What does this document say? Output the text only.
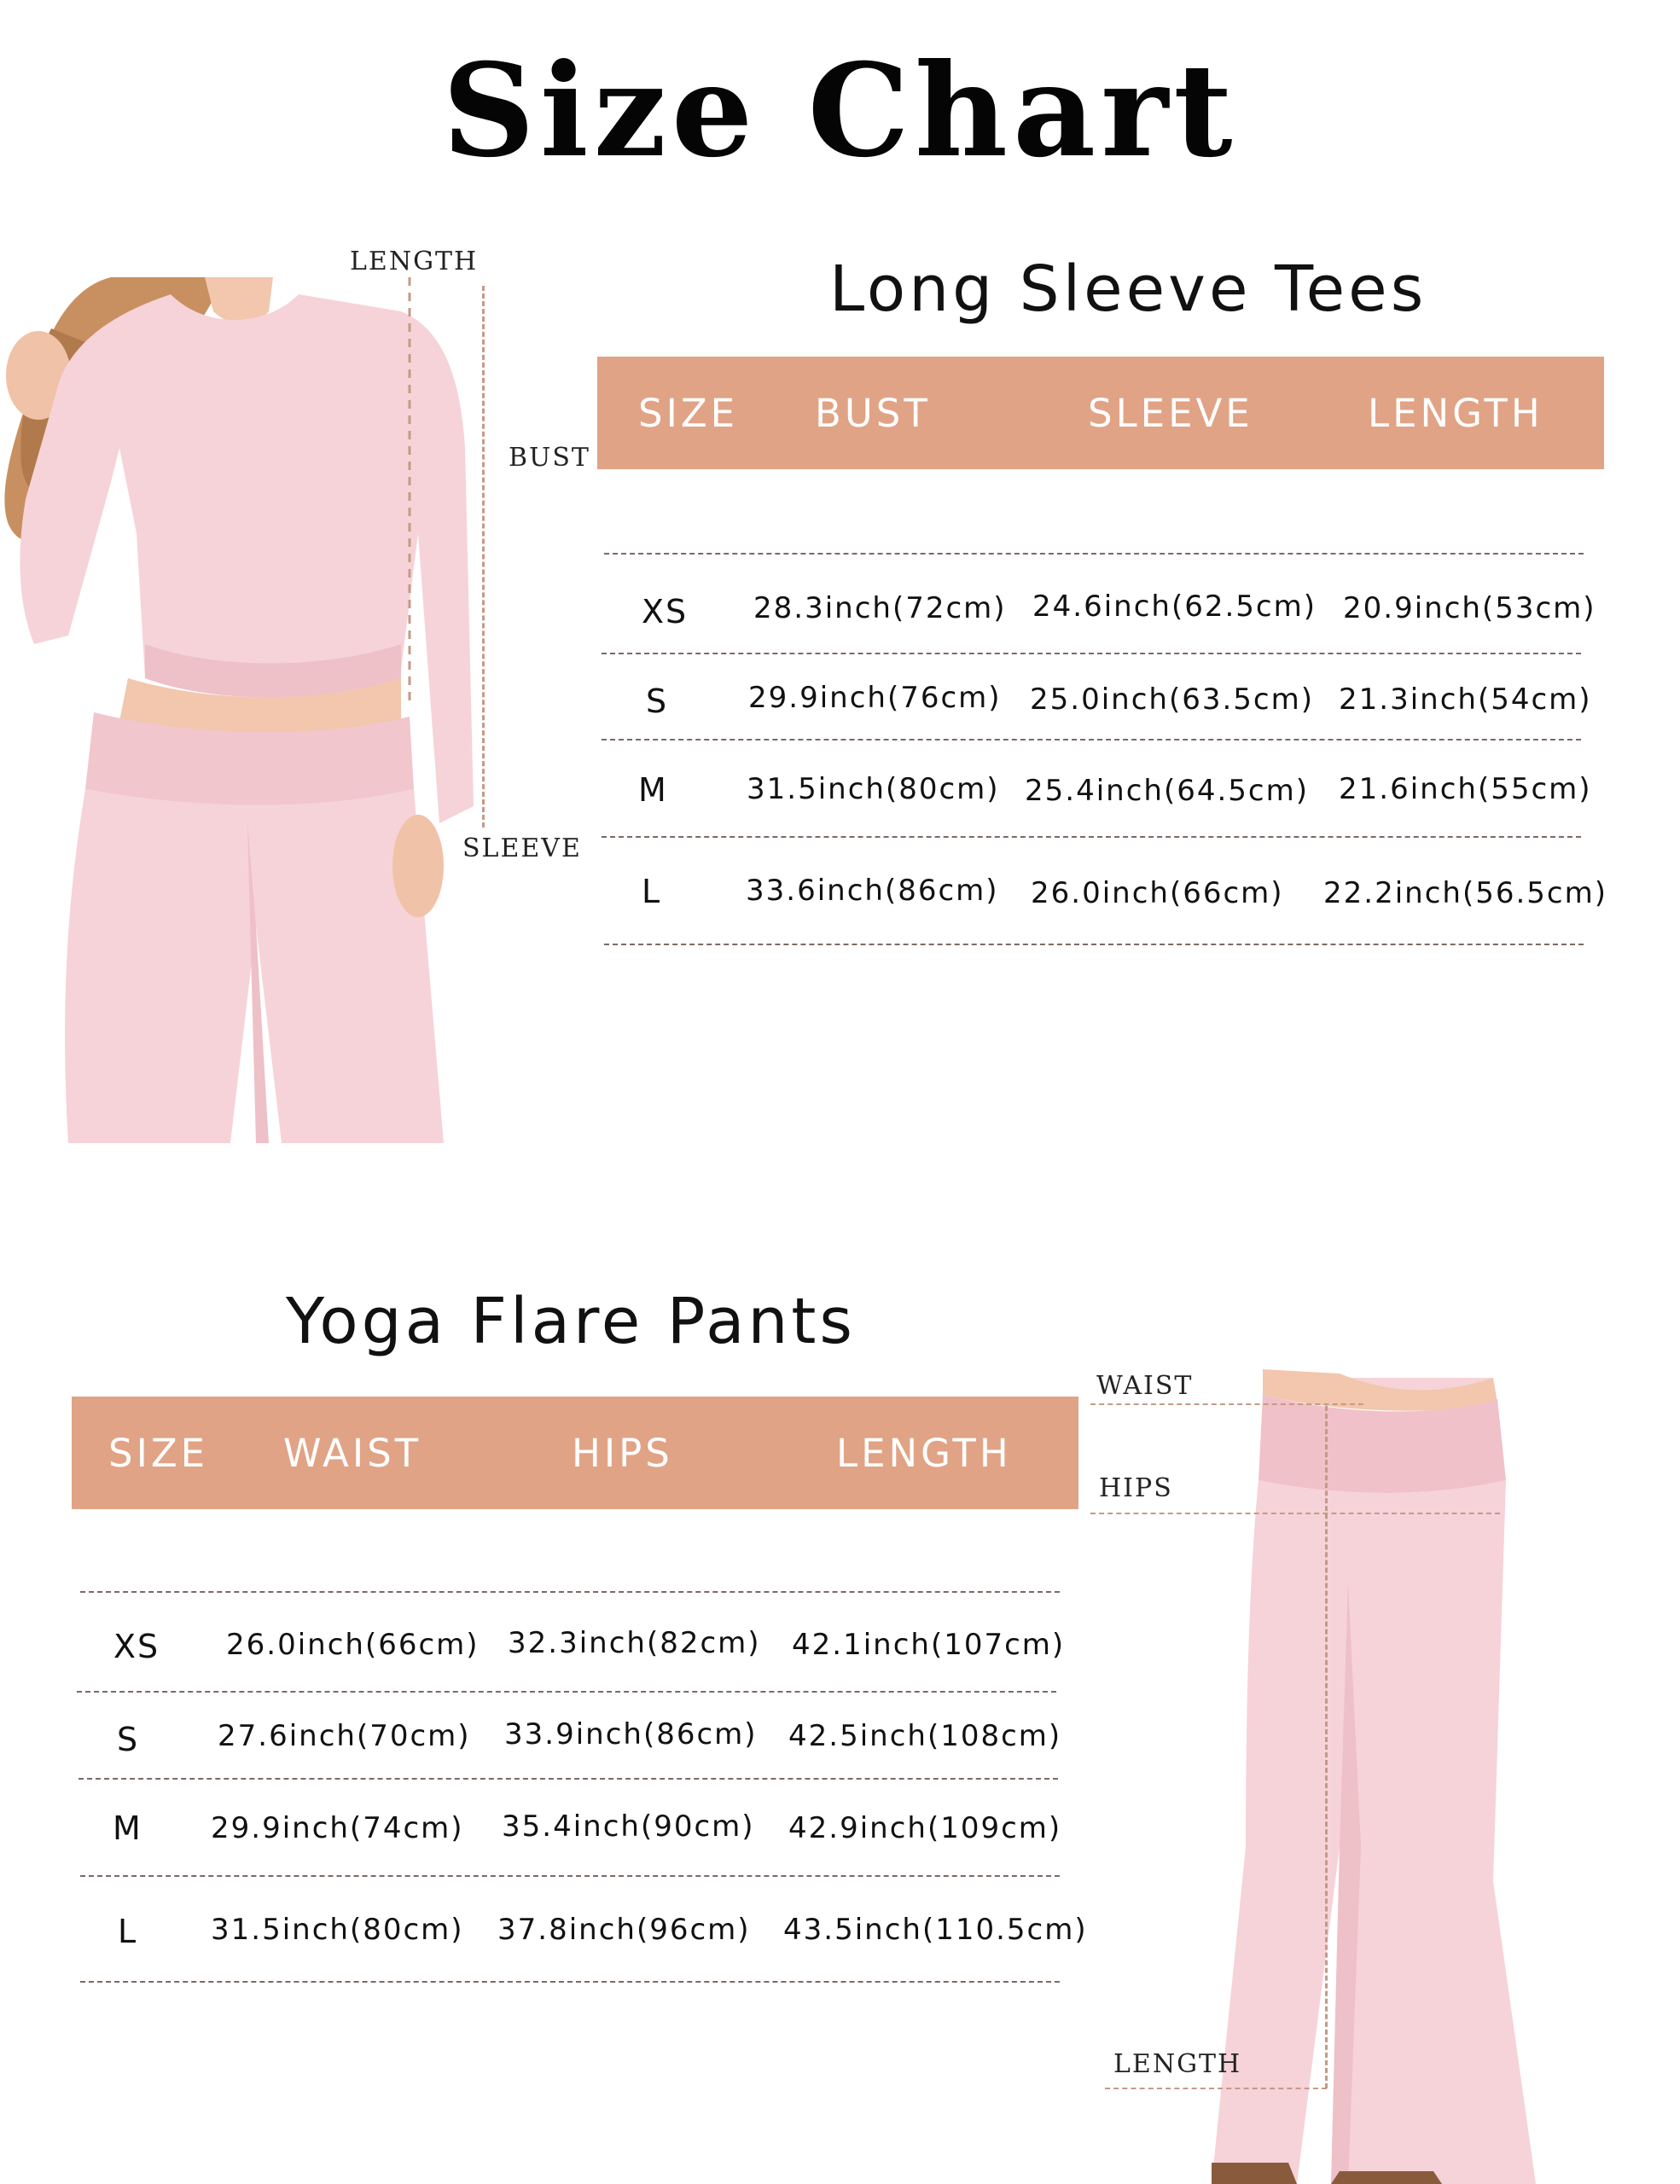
Size Chart
LENGTH
BUST
SLEEVE
Long Sleeve Tees
SIZE BUST	SLEEVE	LENGTH
XS 28.3inch(72cm) 24.6inch(62.5cm) 20.9inch(53cm)
S	29.9inch(76cm) 25.0inch(63.5cm) 21.3inch(54cm)
M	31.5inch(80cm) 25.4inch(64.5cm) 21.6inch(55cm)
L	33.6inch(86cm) 26.0inch(66cm) 22.2inch(56.5cm)
Yoga Flare Pants
SIZE WAIST	HIPS	LENGTH
XS 26.0inch(66cm) 32.3inch(82cm) 42.1inch(107cm)
S	27.6inch(70cm) 33.9inch(86cm) 42.5inch(108cm)
M 29.9inch(74cm) 35.4inch(90cm) 42.9inch(109cm)
L	31.5inch(80cm) 37.8inch(96cm) 43.5inch(110.5cm)
WAIST
HIPS
LENGTH
